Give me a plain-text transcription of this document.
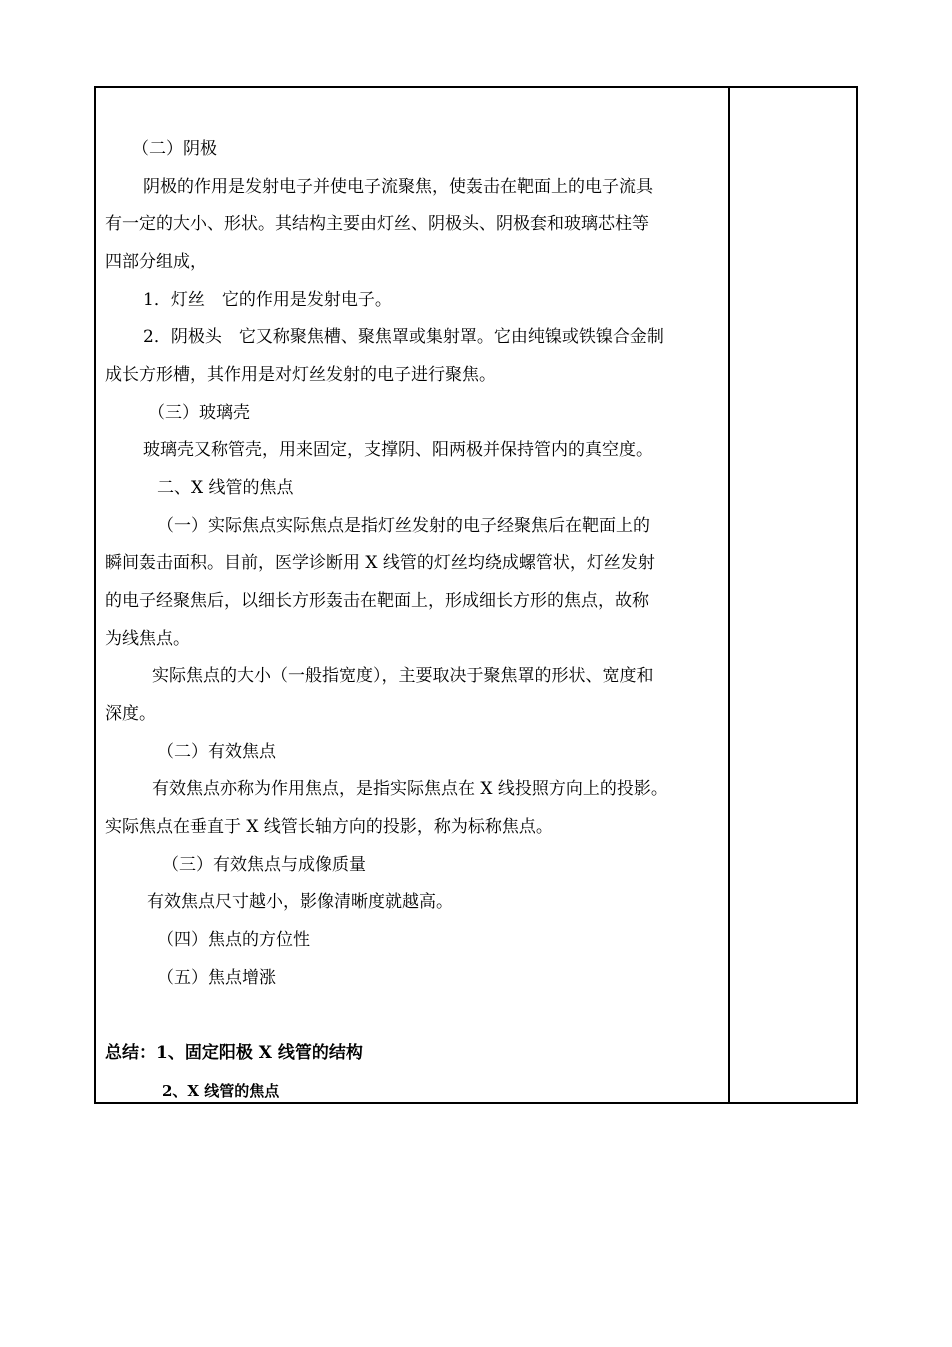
（二）阴极
阴极的作用是发射电子并使电子流聚焦，使轰击在靶面上的电子流具
有一定的大小、形状。其结构主要由灯丝、阴极头、阴极套和玻璃芯柱等
四部分组成，
1．灯丝　它的作用是发射电子。
2．阴极头　它又称聚焦槽、聚焦罩或集射罩。它由纯镍或铁镍合金制
成长方形槽，其作用是对灯丝发射的电子进行聚焦。
（三）玻璃壳
玻璃壳又称管壳，用来固定，支撑阴、阳两极并保持管内的真空度。
二、X 线管的焦点
（一）实际焦点实际焦点是指灯丝发射的电子经聚焦后在靶面上的
瞬间轰击面积。目前，医学诊断用 X 线管的灯丝均绕成螺管状，灯丝发射
的电子经聚焦后，以细长方形轰击在靶面上，形成细长方形的焦点，故称
为线焦点。
实际焦点的大小（一般指宽度），主要取决于聚焦罩的形状、宽度和
深度。
（二）有效焦点
有效焦点亦称为作用焦点，是指实际焦点在 X 线投照方向上的投影。
实际焦点在垂直于 X 线管长轴方向的投影，称为标称焦点。
（三）有效焦点与成像质量
有效焦点尺寸越小，影像清晰度就越高。
（四）焦点的方位性
（五）焦点增涨
总结：1、固定阳极 X 线管的结构
2、X 线管的焦点
